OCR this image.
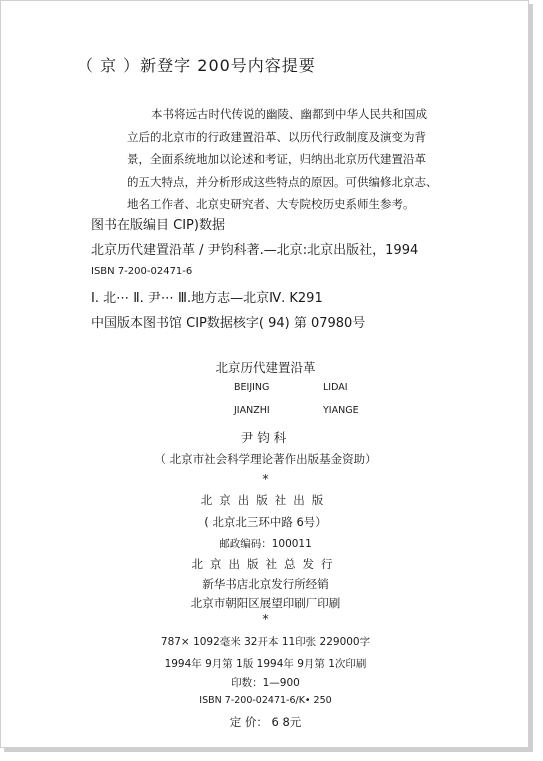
（ 京 ）新登字 200号内容提要
本书将远古时代传说的幽陵、幽都到中华人民共和国成
立后的北京市的行政建置沿革、以历代行政制度及演变为背
景，全面系统地加以论述和考证，归纳出北京历代建置沿革
的五大特点，并分析形成这些特点的原因。可供编修北京志、
地名工作者、北京史研究者、大专院校历史系师生参考。
图书在版编目 CIP)数据
北京历代建置沿革 / 尹钧科著.—北京:北京出版社，1994
ISBN 7-200-02471-6
Ⅰ. 北⋯ Ⅱ. 尹⋯ Ⅲ.地方志—北京Ⅳ. K291
中国版本图书馆 CIP数据核字( 94) 第 07980号
北京历代建置沿革
BEIJING	LIDAI
JIANZHI	YIANGE
尹钧科
（ 北京市社会科学理论著作出版基金资助）
*
北京出版社出版
( 北京北三环中路 6号）
邮政编码：100011
北京出版社总发行
新华书店北京发行所经销
北京市朝阳区展望印刷厂印刷
*
787× 1092毫米 32开本 11印张 229000字
1994年 9月第 1版 1994年 9月第 1次印刷
印数：1—900
ISBN 7-200-02471-6/K• 250
定 价： 6 8元
